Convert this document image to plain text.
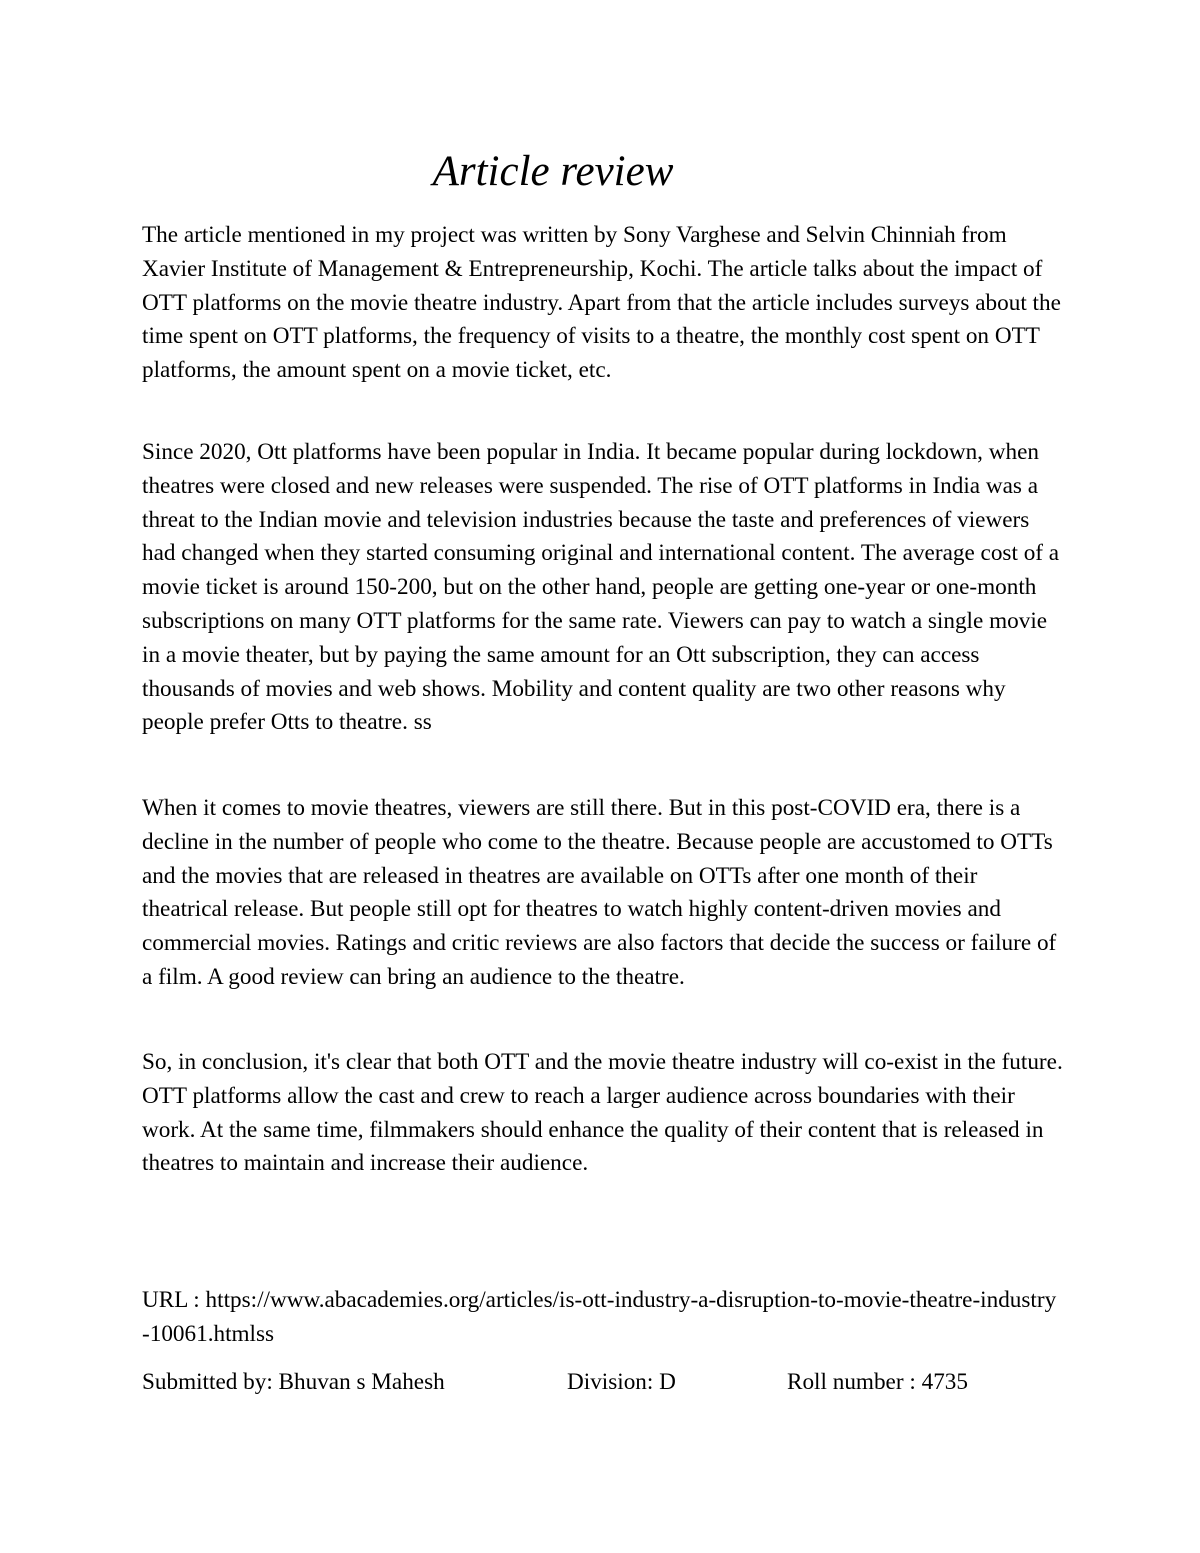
Article review

The article mentioned in my project was written by Sony Varghese and Selvin Chinniah from Xavier Institute of Management & Entrepreneurship, Kochi. The article talks about the impact of OTT platforms on the movie theatre industry. Apart from that the article includes surveys about the time spent on OTT platforms, the frequency of visits to a theatre, the monthly cost spent on OTT platforms, the amount spent on a movie ticket, etc.

Since 2020, Ott platforms have been popular in India. It became popular during lockdown, when theatres were closed and new releases were suspended. The rise of OTT platforms in India was a threat to the Indian movie and television industries because the taste and preferences of viewers had changed when they started consuming original and international content. The average cost of a movie ticket is around 150-200, but on the other hand, people are getting one-year or one-month subscriptions on many OTT platforms for the same rate. Viewers can pay to watch a single movie in a movie theater, but by paying the same amount for an Ott subscription, they can access thousands of movies and web shows. Mobility and content quality are two other reasons why people prefer Otts to theatre. ss

When it comes to movie theatres, viewers are still there. But in this post-COVID era, there is a decline in the number of people who come to the theatre. Because people are accustomed to OTTs and the movies that are released in theatres are available on OTTs after one month of their theatrical release. But people still opt for theatres to watch highly content-driven movies and commercial movies. Ratings and critic reviews are also factors that decide the success or failure of a film. A good review can bring an audience to the theatre.

So, in conclusion, it's clear that both OTT and the movie theatre industry will co-exist in the future. OTT platforms allow the cast and crew to reach a larger audience across boundaries with their work. At the same time, filmmakers should enhance the quality of their content that is released in theatres to maintain and increase their audience.

URL : https://www.abacademies.org/articles/is-ott-industry-a-disruption-to-movie-theatre-industry-10061.htmlss

Submitted by: Bhuvan s Mahesh	Division: D	Roll number : 4735
